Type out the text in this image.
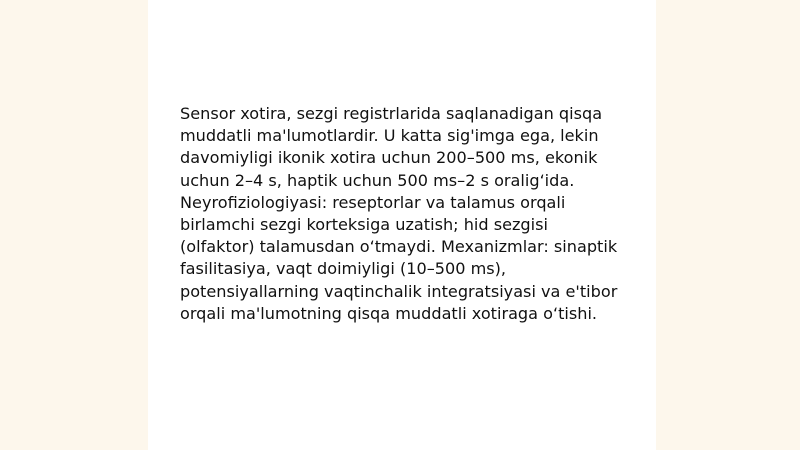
Sensor xotira, sezgi registrlarida saqlanadigan qisqa
muddatli ma'lumotlardir. U katta sig'imga ega, lekin
davomiyligi ikonik xotira uchun 200–500 ms, ekonik
uchun 2–4 s, haptik uchun 500 ms–2 s oralig‘ida.
Neyrofiziologiyasi: reseptorlar va talamus orqali
birlamchi sezgi korteksiga uzatish; hid sezgisi
(olfaktor) talamusdan o‘tmaydi. Mexanizmlar: sinaptik
fasilitasiya, vaqt doimiyligi (10–500 ms),
potensiyallarning vaqtinchalik integratsiyasi va e'tibor
orqali ma'lumotning qisqa muddatli xotiraga o‘tishi.
